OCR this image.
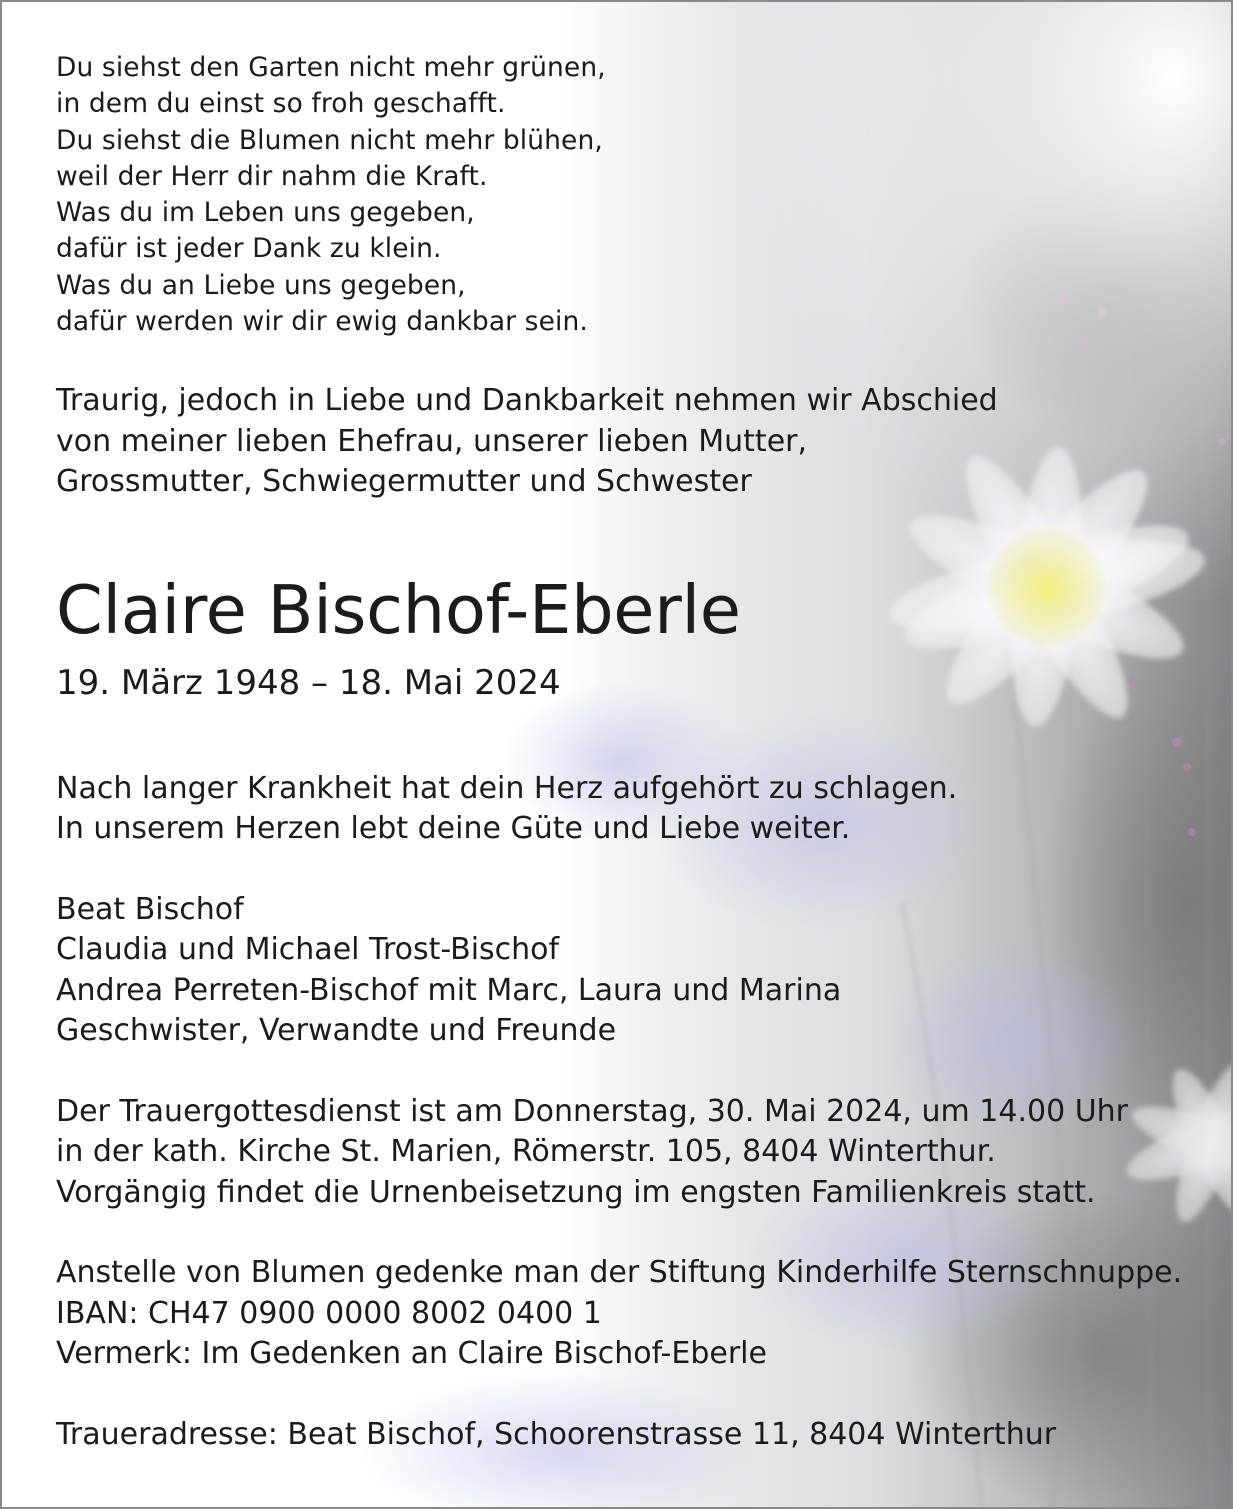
Du siehst den Garten nicht mehr grünen,
in dem du einst so froh geschafft.
Du siehst die Blumen nicht mehr blühen,
weil der Herr dir nahm die Kraft.
Was du im Leben uns gegeben,
dafür ist jeder Dank zu klein.
Was du an Liebe uns gegeben,
dafür werden wir dir ewig dankbar sein.
Traurig, jedoch in Liebe und Dankbarkeit nehmen wir Abschied
von meiner lieben Ehefrau, unserer lieben Mutter,
Grossmutter, Schwiegermutter und Schwester
Claire Bischof-Eberle
19. März 1948 – 18. Mai 2024
Nach langer Krankheit hat dein Herz aufgehört zu schlagen.
In unserem Herzen lebt deine Güte und Liebe weiter.
Beat Bischof
Claudia und Michael Trost-Bischof
Andrea Perreten-Bischof mit Marc, Laura und Marina
Geschwister, Verwandte und Freunde
Der Trauergottesdienst ist am Donnerstag, 30. Mai 2024, um 14.00 Uhr
in der kath. Kirche St. Marien, Römerstr. 105, 8404 Winterthur.
Vorgängig findet die Urnenbeisetzung im engsten Familienkreis statt.
Anstelle von Blumen gedenke man der Stiftung Kinderhilfe Sternschnuppe.
IBAN: CH47 0900 0000 8002 0400 1
Vermerk: Im Gedenken an Claire Bischof-Eberle
Traueradresse: Beat Bischof, Schoorenstrasse 11, 8404 Winterthur
